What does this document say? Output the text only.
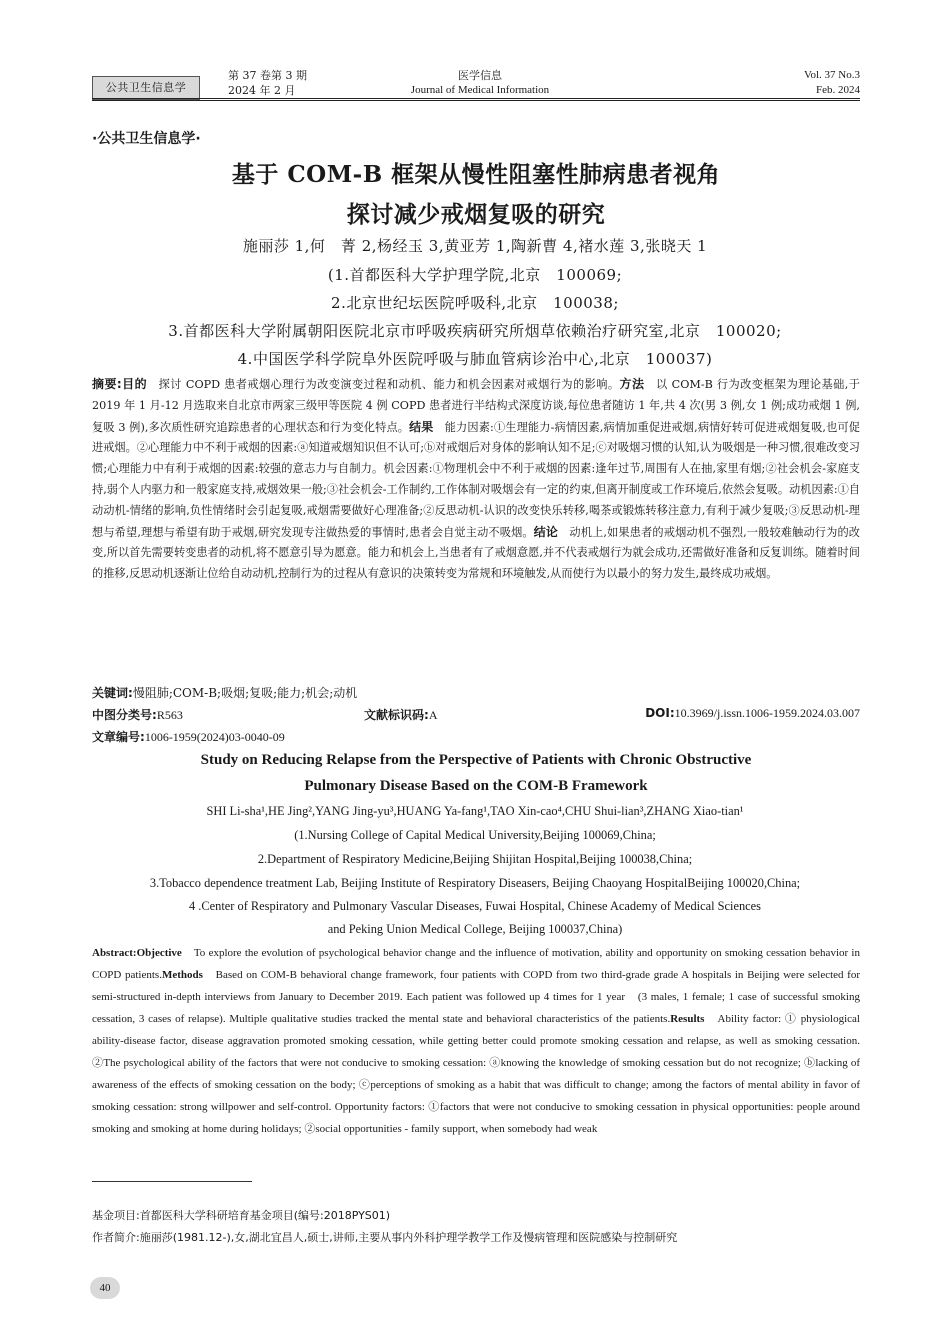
公共卫生信息学
第 37 卷第 3 期
2024 年 2 月
医学信息
Journal of Medical Information
Vol. 37 No.3
Feb. 2024
·公共卫生信息学·
基于 COM-B 框架从慢性阻塞性肺病患者视角
探讨减少戒烟复吸的研究
施丽莎 1,何　菁 2,杨经玉 3,黄亚芳 1,陶新曹 4,褚水莲 3,张晓天 1
(1.首都医科大学护理学院,北京　100069;
2.北京世纪坛医院呼吸科,北京　100038;
3.首都医科大学附属朝阳医院北京市呼吸疾病研究所烟草依赖治疗研究室,北京　100020;
4.中国医学科学院阜外医院呼吸与肺血管病诊治中心,北京　100037)
摘要:目的　探讨 COPD 患者戒烟心理行为改变演变过程和动机、能力和机会因素对戒烟行为的影响。方法　以 COM-B 行为改变框架为理论基础,于 2019 年 1 月-12 月选取来自北京市两家三级甲等医院 4 例 COPD 患者进行半结构式深度访谈,每位患者随访 1 年,共 4 次(男 3 例,女 1 例;成功戒烟 1 例,复吸 3 例),多次质性研究追踪患者的心理状态和行为变化特点。结果　能力因素:①生理能力-病情因素,病情加重促进戒烟,病情好转可促进戒烟复吸,也可促进戒烟。②心理能力中不利于戒烟的因素:ⓐ知道戒烟知识但不认可;ⓑ对戒烟后对身体的影响认知不足;ⓒ对吸烟习惯的认知,认为吸烟是一种习惯,很难改变习惯;心理能力中有利于戒烟的因素:较强的意志力与自制力。机会因素:①物理机会中不利于戒烟的因素:逢年过节,周围有人在抽,家里有烟;②社会机会-家庭支持,弱个人内驱力和一般家庭支持,戒烟效果一般;③社会机会-工作制约,工作体制对吸烟会有一定的约束,但离开制度或工作环境后,依然会复吸。动机因素:①自动动机-情绪的影响,负性情绪时会引起复吸,戒烟需要做好心理准备;②反思动机-认识的改变快乐转移,喝茶或锻炼转移注意力,有利于减少复吸;③反思动机-理想与希望,理想与希望有助于戒烟,研究发现专注做热爱的事情时,患者会自觉主动不吸烟。结论　动机上,如果患者的戒烟动机不强烈,一般较难触动行为的改变,所以首先需要转变患者的动机,将不愿意引导为愿意。能力和机会上,当患者有了戒烟意愿,并不代表戒烟行为就会成功,还需做好准备和反复训练。随着时间的推移,反思动机逐渐让位给自动动机,控制行为的过程从有意识的决策转变为常规和环境触发,从而使行为以最小的努力发生,最终成功戒烟。
关键词:慢阻肺;COM-B;吸烟;复吸;能力;机会;动机
中图分类号:R563	文献标识码:A	DOI:10.3969/j.issn.1006-1959.2024.03.007
文章编号:1006-1959(2024)03-0040-09
Study on Reducing Relapse from the Perspective of Patients with Chronic Obstructive
Pulmonary Disease Based on the COM-B Framework
SHI Li-sha¹,HE Jing²,YANG Jing-yu³,HUANG Ya-fang¹,TAO Xin-cao⁴,CHU Shui-lian³,ZHANG Xiao-tian¹
(1.Nursing College of Capital Medical University,Beijing 100069,China;
2.Department of Respiratory Medicine,Beijing Shijitan Hospital,Beijing 100038,China;
3.Tobacco dependence treatment Lab, Beijing Institute of Respiratory Diseasers, Beijing Chaoyang HospitalBeijing 100020,China;
4 .Center of Respiratory and Pulmonary Vascular Diseases, Fuwai Hospital, Chinese Academy of Medical Sciences
and Peking Union Medical College, Beijing 100037,China)
Abstract:Objective　To explore the evolution of psychological behavior change and the influence of motivation, ability and opportunity on smoking cessation behavior in COPD patients.Methods　Based on COM-B behavioral change framework, four patients with COPD from two third-grade grade A hospitals in Beijing were selected for semi-structured in-depth interviews from January to December 2019. Each patient was followed up 4 times for 1 year　(3 males, 1 female; 1 case of successful smoking cessation, 3 cases of relapse). Multiple qualitative studies tracked the mental state and behavioral characteristics of the patients.Results　Ability factor: ① physiological ability-disease factor, disease aggravation promoted smoking cessation, while getting better could promote smoking cessation and relapse, as well as smoking cessation. ②The psychological ability of the factors that were not conducive to smoking cessation: ⓐknowing the knowledge of smoking cessation but do not recognize; ⓑlacking of awareness of the effects of smoking cessation on the body; ⓒperceptions of smoking as a habit that was difficult to change; among the factors of mental ability in favor of smoking cessation: strong willpower and self-control. Opportunity factors: ①factors that were not conducive to smoking cessation in physical opportunities: people around smoking and smoking at home during holidays; ②social opportunities - family support, when somebody had weak
基金项目:首都医科大学科研培育基金项目(编号:2018PYS01)
作者简介:施丽莎(1981.12-),女,湖北宜昌人,硕士,讲师,主要从事内外科护理学教学工作及慢病管理和医院感染与控制研究
40
